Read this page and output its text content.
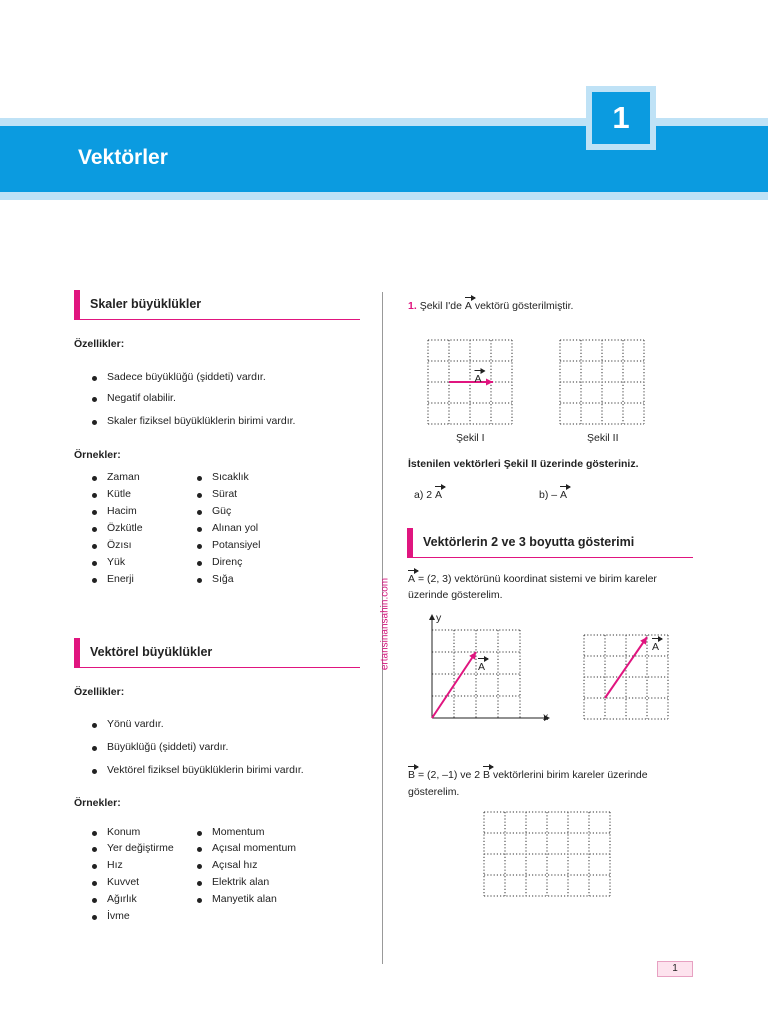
Vektörler
1
ertansinansahin.com
Skaler büyüklükler
Özellikler:
Sadece büyüklüğü (şiddeti) vardır.
Negatif olabilir.
Skaler fiziksel büyüklüklerin birimi vardır.
Örnekler:
Zaman
Kütle
Hacim
Özkütle
Özısı
Yük
Enerji
Sıcaklık
Sürat
Güç
Alınan yol
Potansiyel
Direnç
Sığa
Vektörel büyüklükler
Özellikler:
Yönü vardır.
Büyüklüğü (şiddeti) vardır.
Vektörel fiziksel büyüklüklerin birimi vardır.
Örnekler:
Konum
Yer değiştirme
Hız
Kuvvet
Ağırlık
İvme
Momentum
Açısal momentum
Açısal hız
Elektrik alan
Manyetik alan
1. Şekil I'de A vektörü gösterilmiştir.
A
Şekil I	Şekil II
İstenilen vektörleri Şekil II üzerinde gösteriniz.
a) 2 A	b) – A
Vektörlerin 2 ve 3 boyutta gösterimi
A = (2, 3) vektörünü koordinat sistemi ve birim kareler
üzerinde gösterelim.
y
x
A
A
B = (2, –1) ve 2 B vektörlerini birim kareler üzerinde
gösterelim.
1
